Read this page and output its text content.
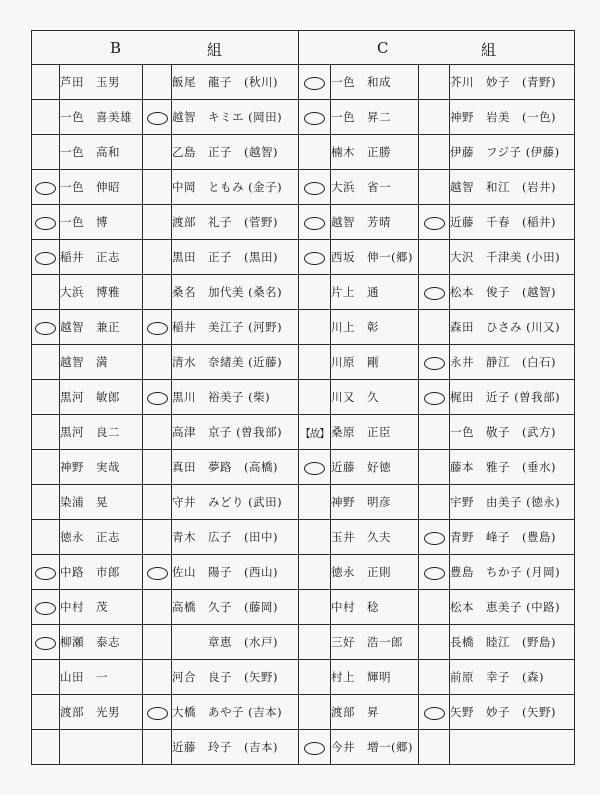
B 組				C 組			

	芦田　玉男		飯尾　龍子　(秋川)		一色　和成		芥川　妙子　(青野)
	一色　喜美雄		越智　キミエ (岡田)		一色　昇二		神野　岩美　(一色)
	一色　高和		乙島　正子　(越智)		楠木　正勝		伊藤　フジ子 (伊藤)
	一色　伸昭		中岡　ともみ (金子)		大浜　省一		越智　和江　(岩井)
	一色　博		渡部　礼子　(菅野)		越智　芳晴		近藤　千春　(稲井)
	稲井　正志		黒田　正子　(黒田)		西坂　伸一(郷)		大沢　千津美 (小田)
	大浜　博雅		桑名　加代美 (桑名)		片上　通		松本　俊子　(越智)
	越智　兼正		稲井　美江子 (河野)		川上　彰		森田　ひさみ (川又)
	越智　満		清水　奈緒美 (近藤)		川原　剛		永井　静江　(白石)
	黒河　敏郎		黒川　裕美子 (柴)		川又　久		梶田　近子 (曽我部)
	黒河　良二		高津　京子 (曽我部)	【故】	桑原　正臣		一色　敬子　(武方)
	神野　実哉		真田　夢路　(高橋)		近藤　好徳		藤本　雅子　(垂水)
	染浦　晃		守井　みどり (武田)		神野　明彦		宇野　由美子 (徳永)
	徳永　正志		青木　広子　(田中)		玉井　久夫		青野　峰子　(豊島)
	中路　市郎		佐山　陽子　(西山)		徳永　正則		豊島　ちか子 (月岡)
	中村　茂		高橋　久子　(藤岡)		中村　稔		松本　恵美子 (中路)
	柳瀬　泰志		　　　章恵　(水戸)		三好　浩一郎		長橋　睦江　(野島)
	山田　一		河合　良子　(矢野)		村上　輝明		前原　幸子　(森)
	渡部　光男		大橋　あや子 (吉本)		渡部　昇		矢野　妙子　(矢野)
			近藤　玲子　(吉本)		今井　増一(郷)		
